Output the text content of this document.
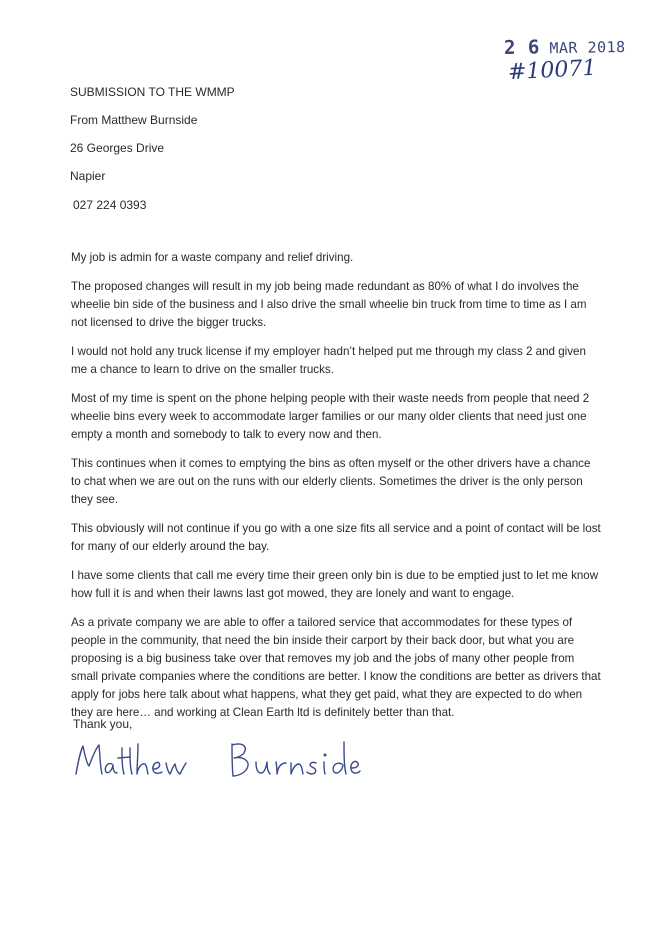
2 6 MAR 2018
#10071
SUBMISSION TO THE WMMP
From Matthew Burnside
26 Georges Drive
Napier
027 224 0393

My job is admin for a waste company and relief driving.

The proposed changes will result in my job being made redundant as 80% of what I do involves the wheelie bin side of the business and I also drive the small wheelie bin truck from time to time as I am not licensed to drive the bigger trucks.

I would not hold any truck license if my employer hadn’t helped put me through my class 2 and given me a chance to learn to drive on the smaller trucks.

Most of my time is spent on the phone helping people with their waste needs from people that need 2 wheelie bins every week to accommodate larger families or our many older clients that need just one empty a month and somebody to talk to every now and then.

This continues when it comes to emptying the bins as often myself or the other drivers have a chance to chat when we are out on the runs with our elderly clients. Sometimes the driver is the only person they see.

This obviously will not continue if you go with a one size fits all service and a point of contact will be lost for many of our elderly around the bay.

I have some clients that call me every time their green only bin is due to be emptied just to let me know how full it is and when their lawns last got mowed, they are lonely and want to engage.

As a private company we are able to offer a tailored service that accommodates for these types of people in the community, that need the bin inside their carport by their back door, but what you are proposing is a big business take over that removes my job and the jobs of many other people from small private companies where the conditions are better. I know the conditions are better as drivers that apply for jobs here talk about what happens, what they get paid, what they are expected to do when they are here… and working at Clean Earth ltd is definitely better than that.

Thank you,
